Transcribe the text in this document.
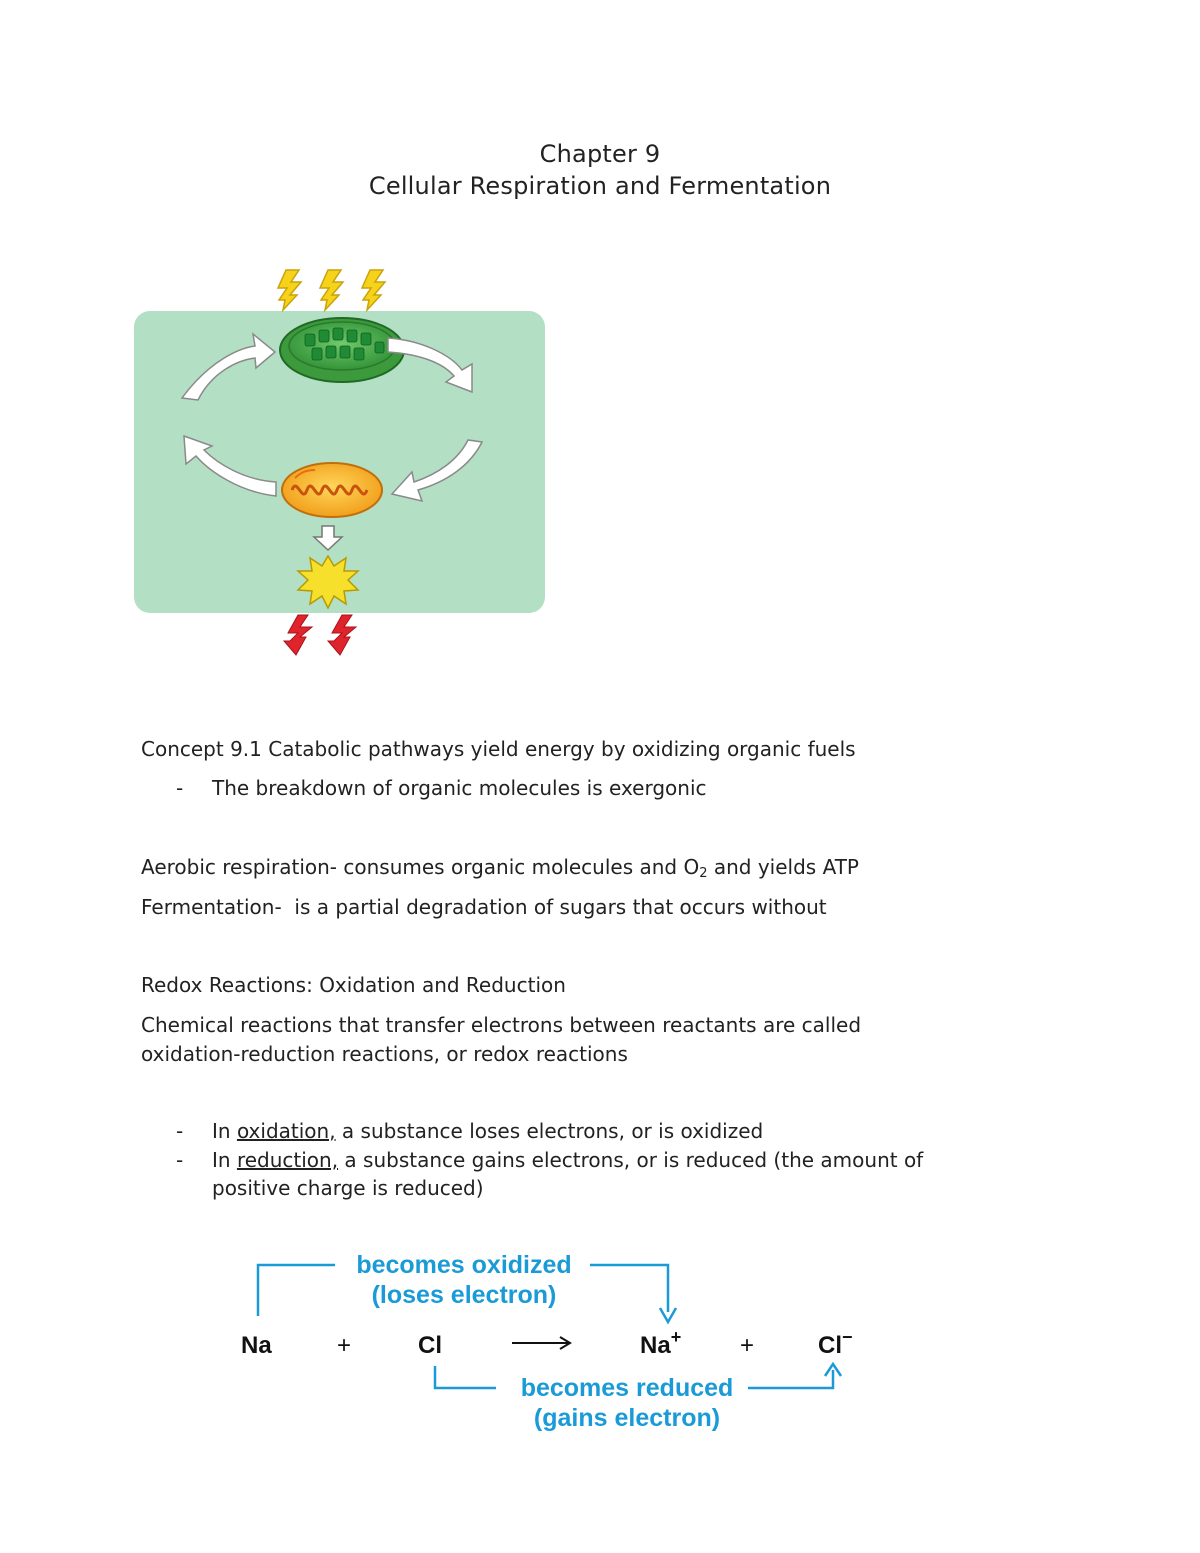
Chapter 9
Cellular Respiration and Fermentation
Concept 9.1 Catabolic pathways yield energy by oxidizing organic fuels
- The breakdown of organic molecules is exergonic
Aerobic respiration- consumes organic molecules and $O_2$ and yields ATP
Fermentation-  is a partial degradation of sugars that occurs without
Redox Reactions: Oxidation and Reduction
Chemical reactions that transfer electrons between reactants are called
oxidation-reduction reactions, or redox reactions
- In oxidation, a substance loses electrons, or is oxidized
- In reduction, a substance gains electrons, or is reduced (the amount of
positive charge is reduced)
becomes oxidized
(loses electron)
Na	+	Cl	Na+ +	Cl−
becomes reduced
(gains electron)
